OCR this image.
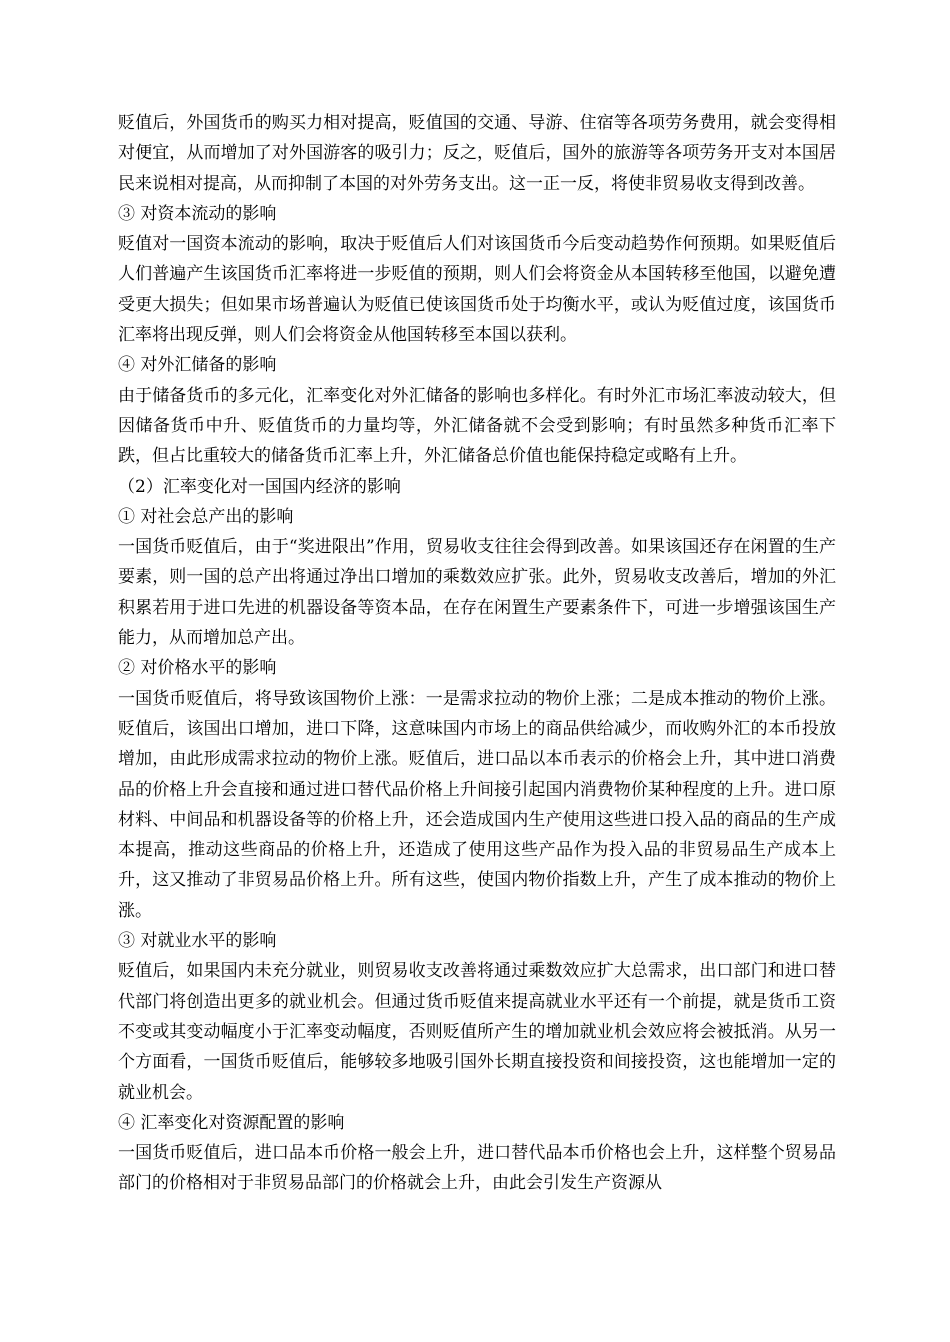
贬值后，外国货币的购买力相对提高，贬值国的交通、导游、住宿等各项劳务费用，就会变得相对便宜，从而增加了对外国游客的吸引力；反之，贬值后，国外的旅游等各项劳务开支对本国居民来说相对提高，从而抑制了本国的对外劳务支出。这一正一反，将使非贸易收支得到改善。

③ 对资本流动的影响

贬值对一国资本流动的影响，取决于贬值后人们对该国货币今后变动趋势作何预期。如果贬值后人们普遍产生该国货币汇率将进一步贬值的预期，则人们会将资金从本国转移至他国，以避免遭受更大损失；但如果市场普遍认为贬值已使该国货币处于均衡水平，或认为贬值过度，该国货币汇率将出现反弹，则人们会将资金从他国转移至本国以获利。

④ 对外汇储备的影响

由于储备货币的多元化，汇率变化对外汇储备的影响也多样化。有时外汇市场汇率波动较大，但因储备货币中升、贬值货币的力量均等，外汇储备就不会受到影响；有时虽然多种货币汇率下跌，但占比重较大的储备货币汇率上升，外汇储备总价值也能保持稳定或略有上升。

（2）汇率变化对一国国内经济的影响

① 对社会总产出的影响

一国货币贬值后，由于“奖进限出”作用，贸易收支往往会得到改善。如果该国还存在闲置的生产要素，则一国的总产出将通过净出口增加的乘数效应扩张。此外，贸易收支改善后，增加的外汇积累若用于进口先进的机器设备等资本品，在存在闲置生产要素条件下，可进一步增强该国生产能力，从而增加总产出。

② 对价格水平的影响

一国货币贬值后，将导致该国物价上涨：一是需求拉动的物价上涨；二是成本推动的物价上涨。贬值后，该国出口增加，进口下降，这意味国内市场上的商品供给减少，而收购外汇的本币投放增加，由此形成需求拉动的物价上涨。贬值后，进口品以本币表示的价格会上升，其中进口消费品的价格上升会直接和通过进口替代品价格上升间接引起国内消费物价某种程度的上升。进口原材料、中间品和机器设备等的价格上升，还会造成国内生产使用这些进口投入品的商品的生产成本提高，推动这些商品的价格上升，还造成了使用这些产品作为投入品的非贸易品生产成本上升，这又推动了非贸易品价格上升。所有这些，使国内物价指数上升，产生了成本推动的物价上涨。

③ 对就业水平的影响

贬值后，如果国内未充分就业，则贸易收支改善将通过乘数效应扩大总需求，出口部门和进口替代部门将创造出更多的就业机会。但通过货币贬值来提高就业水平还有一个前提，就是货币工资不变或其变动幅度小于汇率变动幅度，否则贬值所产生的增加就业机会效应将会被抵消。从另一个方面看，一国货币贬值后，能够较多地吸引国外长期直接投资和间接投资，这也能增加一定的就业机会。

④ 汇率变化对资源配置的影响

一国货币贬值后，进口品本币价格一般会上升，进口替代品本币价格也会上升，这样整个贸易品部门的价格相对于非贸易品部门的价格就会上升，由此会引发生产资源从
